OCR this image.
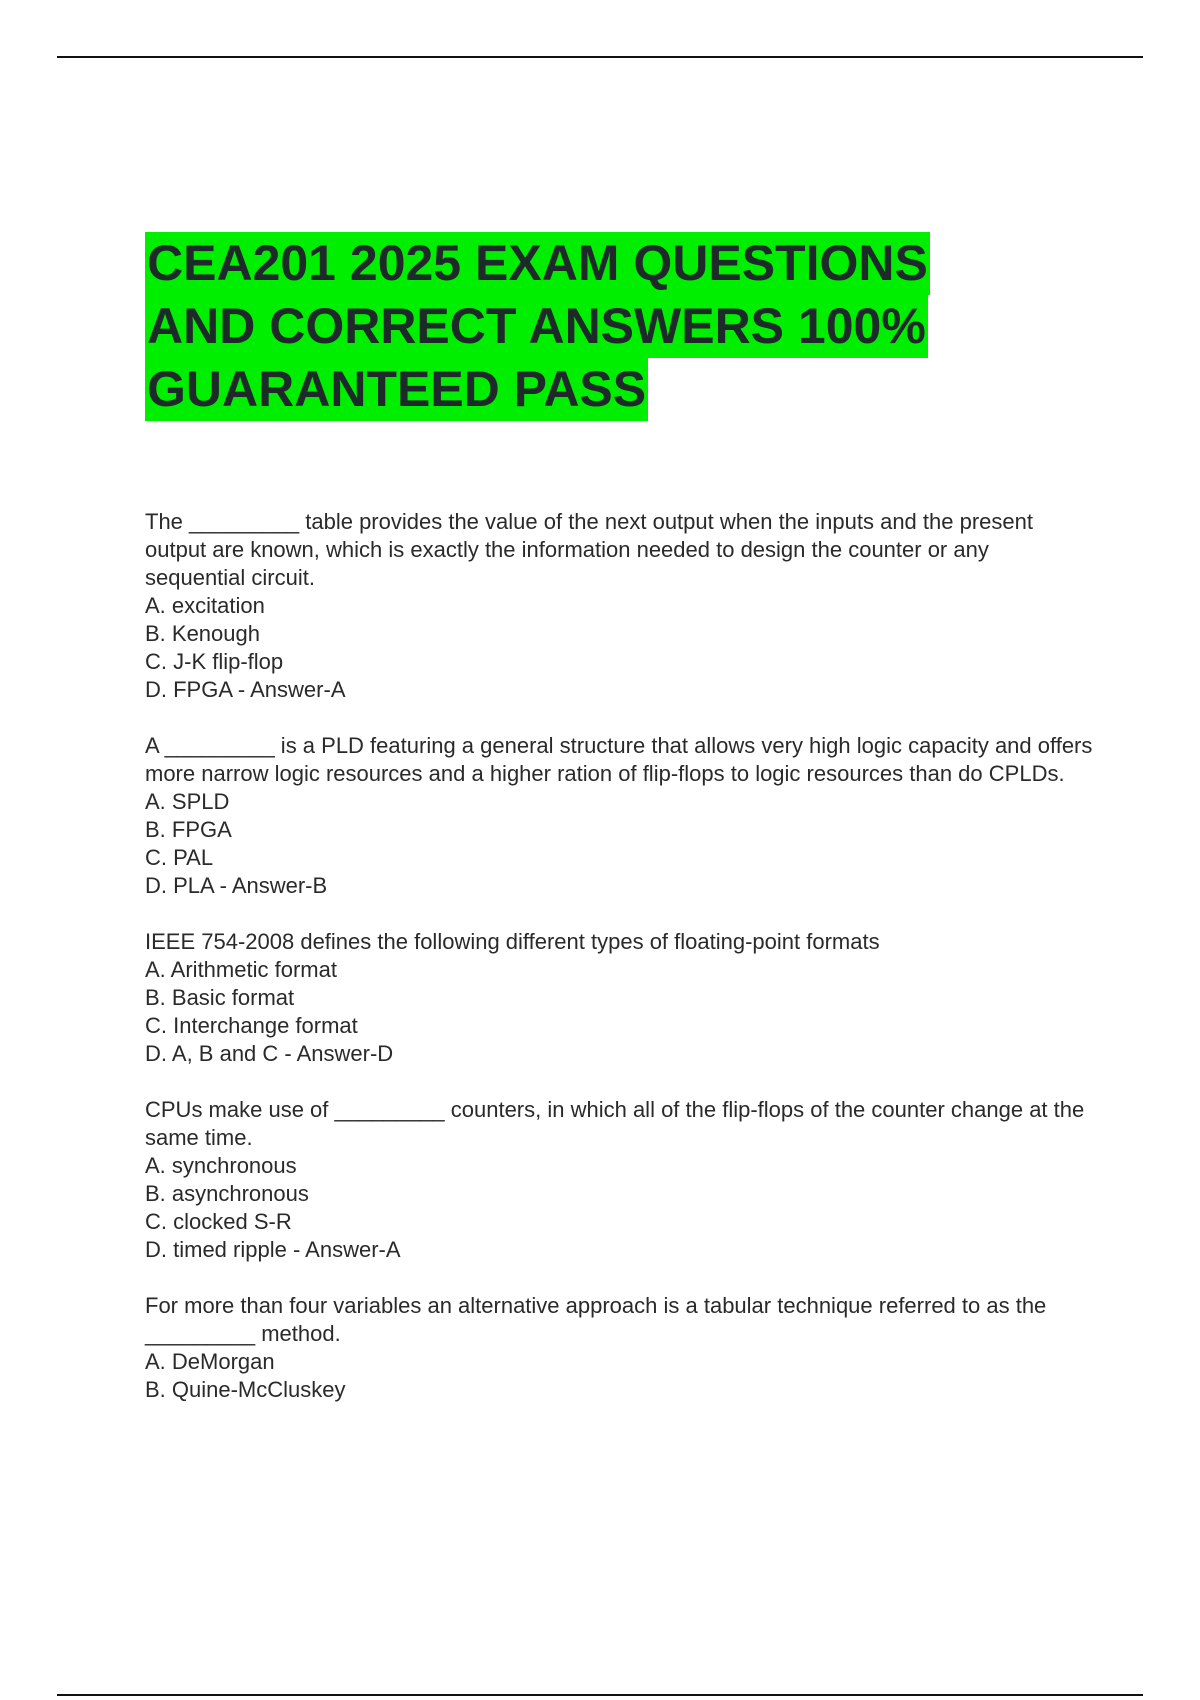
CEA201 2025 EXAM QUESTIONS
AND CORRECT ANSWERS 100%
GUARANTEED PASS
The _________ table provides the value of the next output when the inputs and the present output are known, which is exactly the information needed to design the counter or any sequential circuit.
A. excitation
B. Kenough
C. J-K flip-flop
D. FPGA - Answer-A
A _________ is a PLD featuring a general structure that allows very high logic capacity and offers more narrow logic resources and a higher ration of flip-flops to logic resources than do CPLDs.
A. SPLD
B. FPGA
C. PAL
D. PLA - Answer-B
IEEE 754-2008 defines the following different types of floating-point formats
A. Arithmetic format
B. Basic format
C. Interchange format
D. A, B and C - Answer-D
CPUs make use of _________ counters, in which all of the flip-flops of the counter change at the same time.
A. synchronous
B. asynchronous
C. clocked S-R
D. timed ripple - Answer-A
For more than four variables an alternative approach is a tabular technique referred to as the _________ method.
A. DeMorgan
B. Quine-McCluskey
